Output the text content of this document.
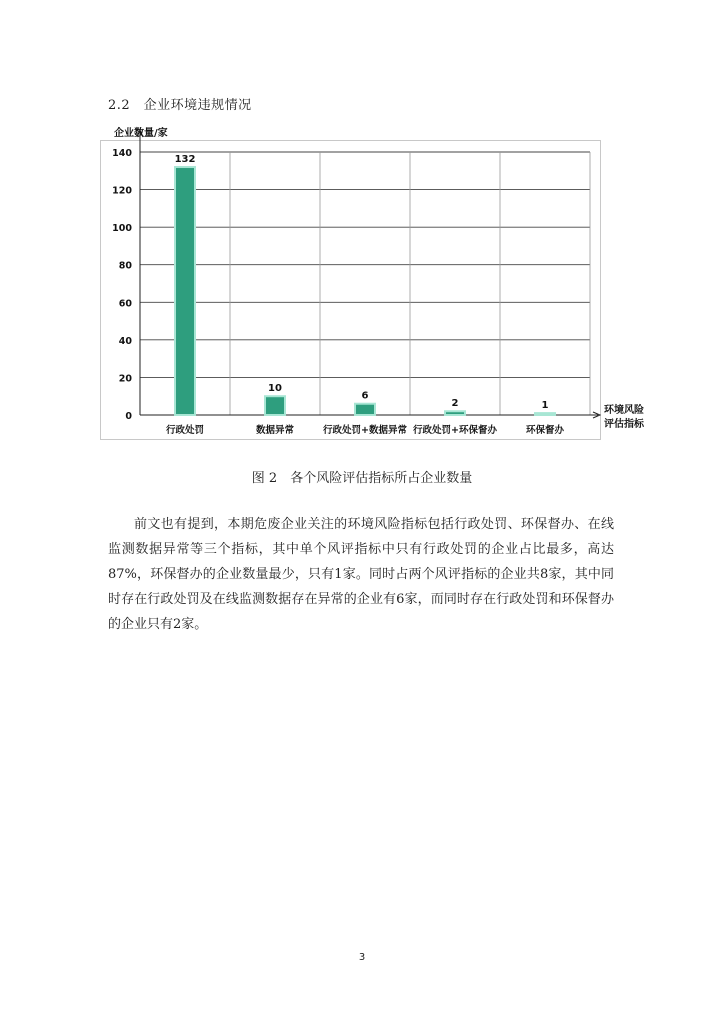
2.2　企业环境违规情况
0
20
40
60
80
100
120
140
企业数量/家
环境风险
评估指标
132
行政处罚
10
数据异常
6
行政处罚+数据异常
2
行政处罚+环保督办
1
环保督办
图 2　各个风险评估指标所占企业数量
前文也有提到，本期危废企业关注的环境风险指标包括行政处罚、环保督办、在线监测数据异常等三个指标，其中单个风评指标中只有行政处罚的企业占比最多，高达87%，环保督办的企业数量最少，只有1家。同时占两个风评指标的企业共8家，其中同时存在行政处罚及在线监测数据存在异常的企业有6家，而同时存在行政处罚和环保督办的企业只有2家。
3
